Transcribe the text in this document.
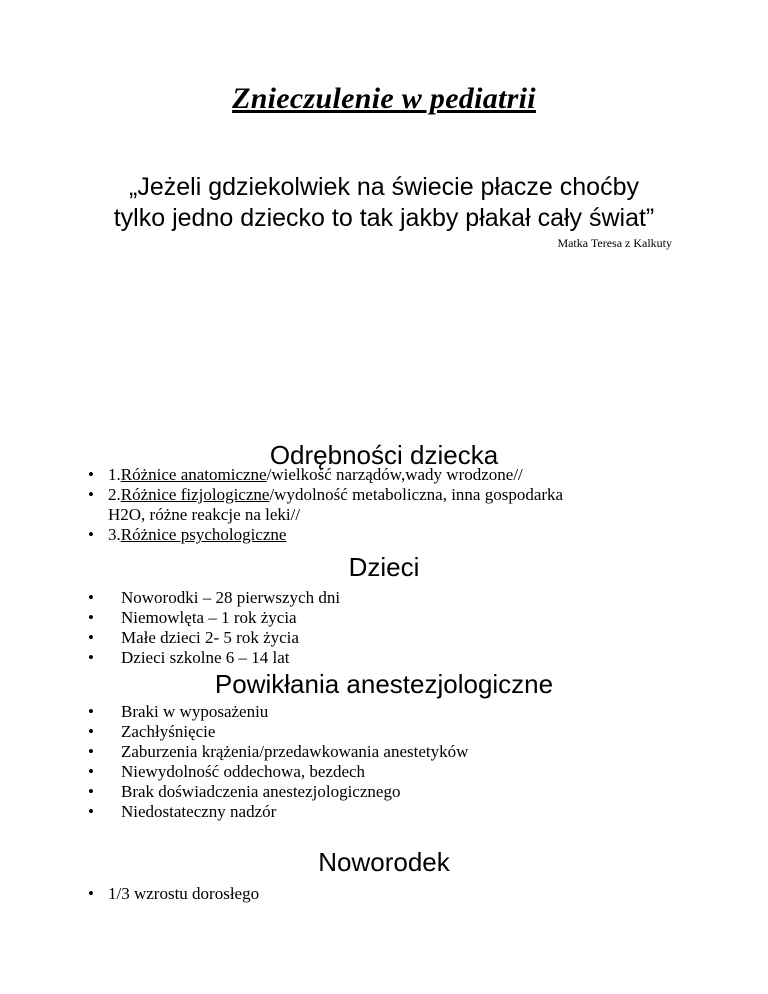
Znieczulenie w pediatrii
„Jeżeli gdziekolwiek na świecie płacze choćby
tylko jedno dziecko to tak jakby płakał cały świat”
Matka Teresa z Kalkuty
Odrębności dziecka
• 1.Różnice anatomiczne/wielkość narządów,wady wrodzone//
• 2.Różnice fizjologiczne/wydolność metaboliczna, inna gospodarka
H2O, różne reakcje na leki//
• 3.Różnice psychologiczne
Dzieci
•	Noworodki – 28 pierwszych dni
•	Niemowlęta – 1 rok życia
•	Małe dzieci 2- 5 rok życia
•	Dzieci szkolne 6 – 14 lat
Powikłania anestezjologiczne
•	Braki w wyposażeniu
•	Zachłyśnięcie
•	Zaburzenia krążenia/przedawkowania anestetyków
•	Niewydolność oddechowa, bezdech
•	Brak doświadczenia anestezjologicznego
•	Niedostateczny nadzór
Noworodek
• 1/3 wzrostu dorosłego
